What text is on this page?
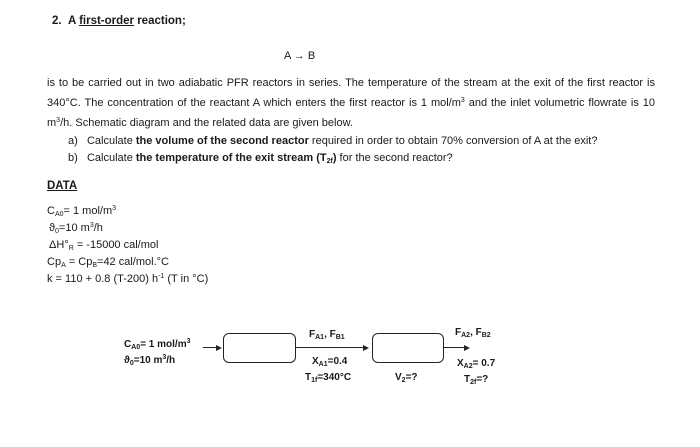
2. A first-order reaction;
A → B
is to be carried out in two adiabatic PFR reactors in series. The temperature of the stream at the exit of the first reactor is 340°C. The concentration of the reactant A which enters the first reactor is 1 mol/$m^3$ and the inlet volumetric flowrate is 10 $m^3/h$. Schematic diagram and the related data are given below.
a) Calculate the volume of the second reactor required in order to obtain 70% conversion of A at the exit?
b) Calculate the temperature of the exit stream $(T_{2f})$ for the second reactor?
DATA
$C_{A0}= 1$ mol/$m^3$
$ϑ_0=10$ $m^3/h$
$\Delta H^\circ_R = -15000$ cal/mol
$Cp_A = Cp_B=42$ cal/mol.°C
k = 110 + 0.8 (T-200) $h^{-1}$ (T in °C)
$C_{A0}= 1$ mol/$m^3$
$ϑ_0=10$ $m^3/h$
$F_{A1}$, $F_{B1}$
$X_{A1}=0.4$
$T_{1f}=340^\circ C$	$V_2=$?
$F_{A2}$, $F_{B2}$
$X_{A2}= 0.7$
$T_{2f}=$?
